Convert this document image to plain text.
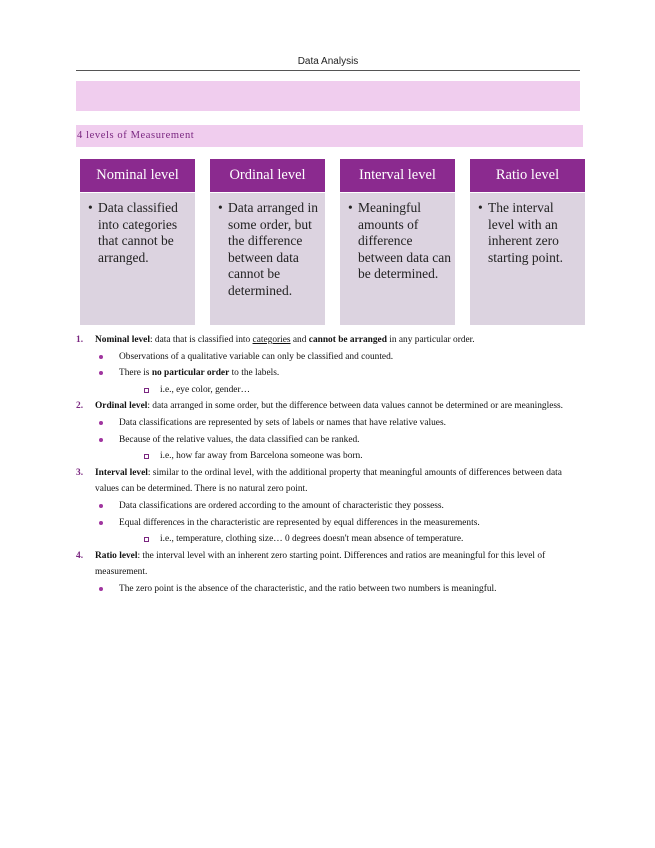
Data Analysis
4 levels of Measurement
Nominal level
• Data classified into categories that cannot be arranged.
Ordinal level
• Data arranged in some order, but the difference between data cannot be determined.
Interval level
• Meaningful amounts of difference between data can be determined.
Ratio level
• The interval level with an inherent zero starting point.
1. Nominal level: data that is classified into categories and cannot be arranged in any particular order.
Observations of a qualitative variable can only be classified and counted.
There is no particular order to the labels.
i.e., eye color, gender…
2. Ordinal level: data arranged in some order, but the difference between data values cannot be determined or are meaningless.
Data classifications are represented by sets of labels or names that have relative values.
Because of the relative values, the data classified can be ranked.
i.e., how far away from Barcelona someone was born.
3. Interval level: similar to the ordinal level, with the additional property that meaningful amounts of differences between data values can be determined. There is no natural zero point.
Data classifications are ordered according to the amount of characteristic they possess.
Equal differences in the characteristic are represented by equal differences in the measurements.
i.e., temperature, clothing size… 0 degrees doesn't mean absence of temperature.
4. Ratio level: the interval level with an inherent zero starting point. Differences and ratios are meaningful for this level of measurement.
The zero point is the absence of the characteristic, and the ratio between two numbers is meaningful.
